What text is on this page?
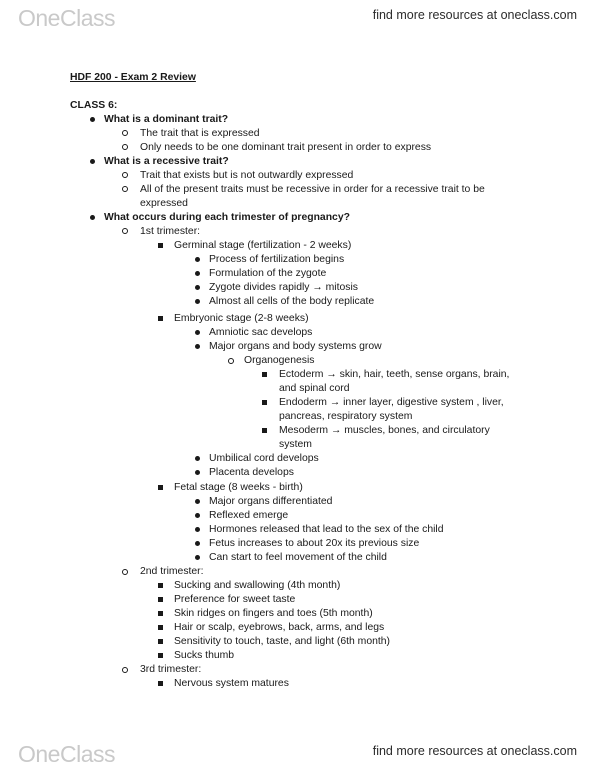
OneClass	find more resources at oneclass.com
HDF 200 - Exam 2 Review
CLASS 6:
What is a dominant trait?
The trait that is expressed
Only needs to be one dominant trait present in order to express
What is a recessive trait?
Trait that exists but is not outwardly expressed
All of the present traits must be recessive in order for a recessive trait to be
expressed
What occurs during each trimester of pregnancy?
1st trimester:
Germinal stage (fertilization - 2 weeks)
Process of fertilization begins
Formulation of the zygote
Zygote divides rapidly → mitosis
Almost all cells of the body replicate
Embryonic stage (2-8 weeks)
Amniotic sac develops
Major organs and body systems grow
Organogenesis
Ectoderm → skin, hair, teeth, sense organs, brain,
and spinal cord
Endoderm → inner layer, digestive system , liver,
pancreas, respiratory system
Mesoderm → muscles, bones, and circulatory
system
Umbilical cord develops
Placenta develops
Fetal stage (8 weeks - birth)
Major organs differentiated
Reflexed emerge
Hormones released that lead to the sex of the child
Fetus increases to about 20x its previous size
Can start to feel movement of the child
2nd trimester:
Sucking and swallowing (4th month)
Preference for sweet taste
Skin ridges on fingers and toes (5th month)
Hair or scalp, eyebrows, back, arms, and legs
Sensitivity to touch, taste, and light (6th month)
Sucks thumb
3rd trimester:
Nervous system matures
OneClass	find more resources at oneclass.com
